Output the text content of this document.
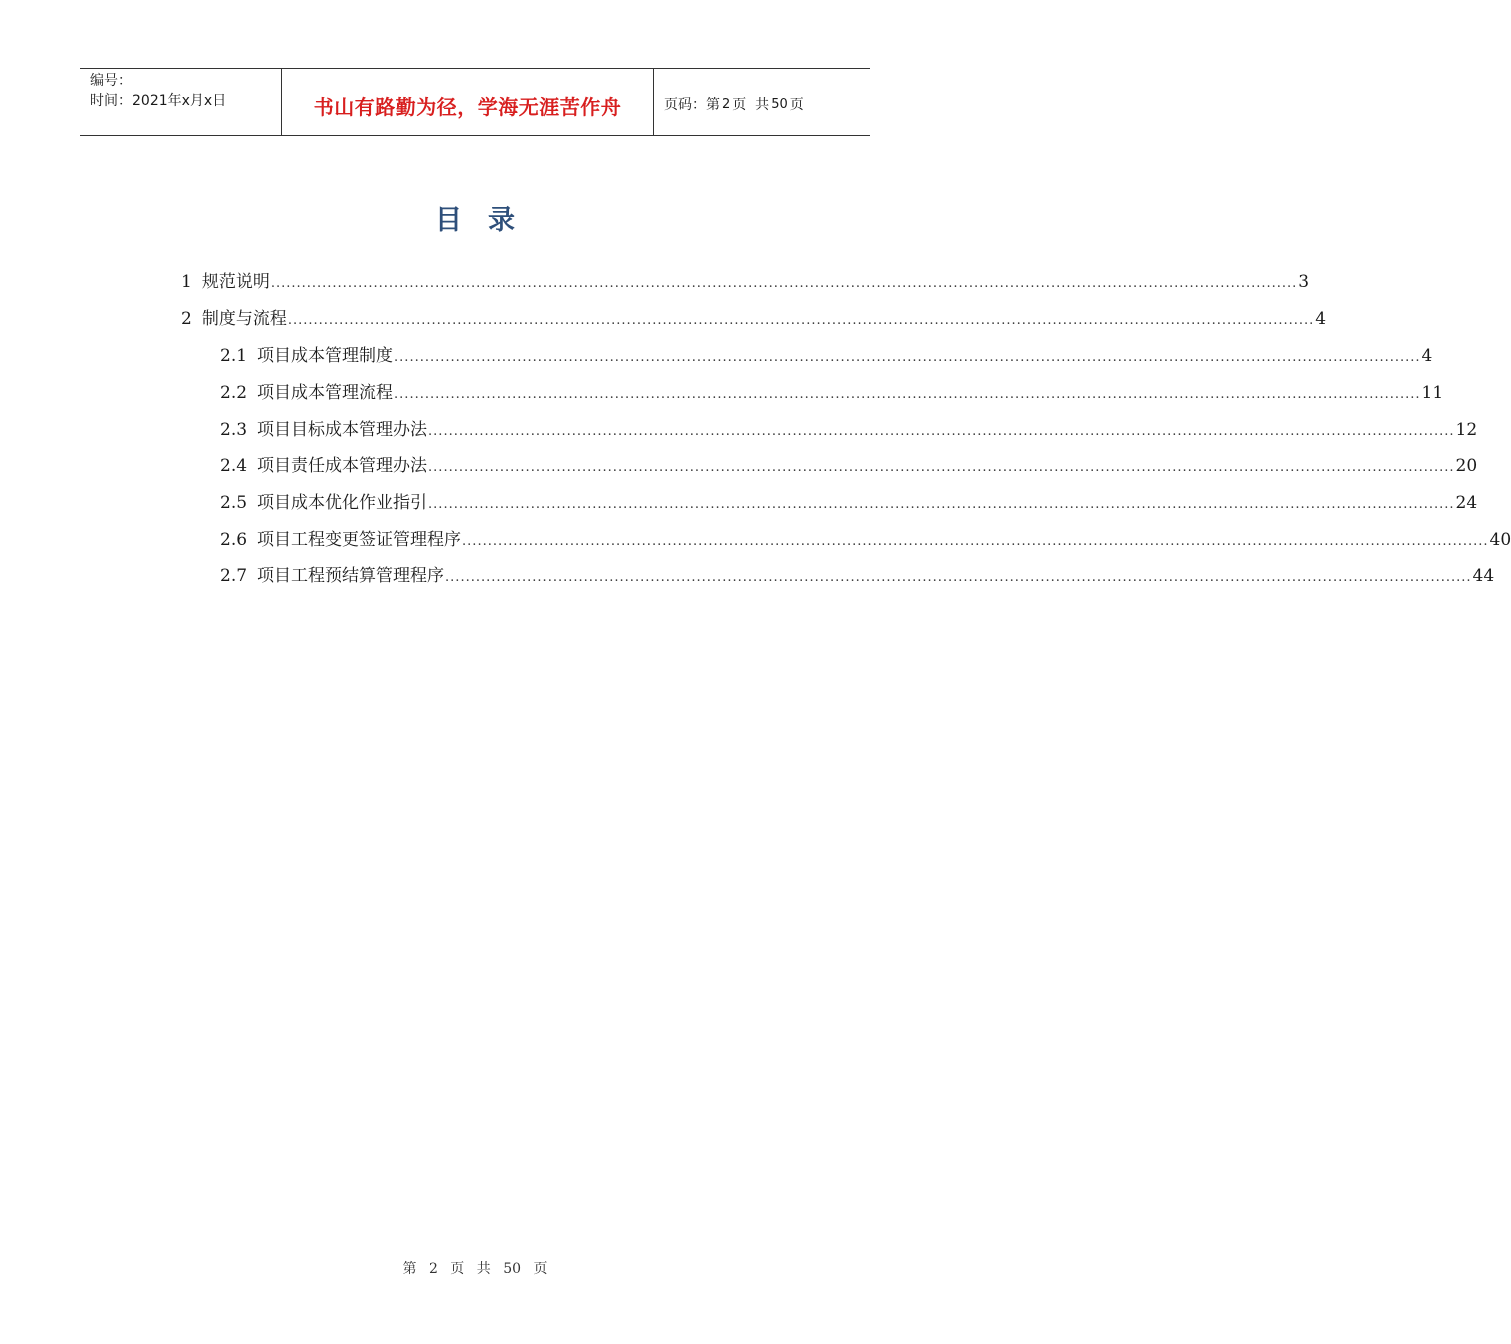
编号：
时间：2021年x月x日	书山有路勤为径，学海无涯苦作舟	页码： 第 2 页  共 50 页
目录
1 规范说明 ........................................................................................................................................................................................................ 3
2 制度与流程 ........................................................................................................................................................................................................ 4
2.1 项目成本管理制度 ........................................................................................................................................................................................................ 4
2.2 项目成本管理流程 ........................................................................................................................................................................................................ 11
2.3 项目目标成本管理办法 ........................................................................................................................................................................................................ 12
2.4 项目责任成本管理办法 ........................................................................................................................................................................................................ 20
2.5 项目成本优化作业指引 ........................................................................................................................................................................................................ 24
2.6 项目工程变更签证管理程序 ........................................................................................................................................................................................................ 40
2.7 项目工程预结算管理程序 ........................................................................................................................................................................................................ 44
第 2 页 共 50 页
